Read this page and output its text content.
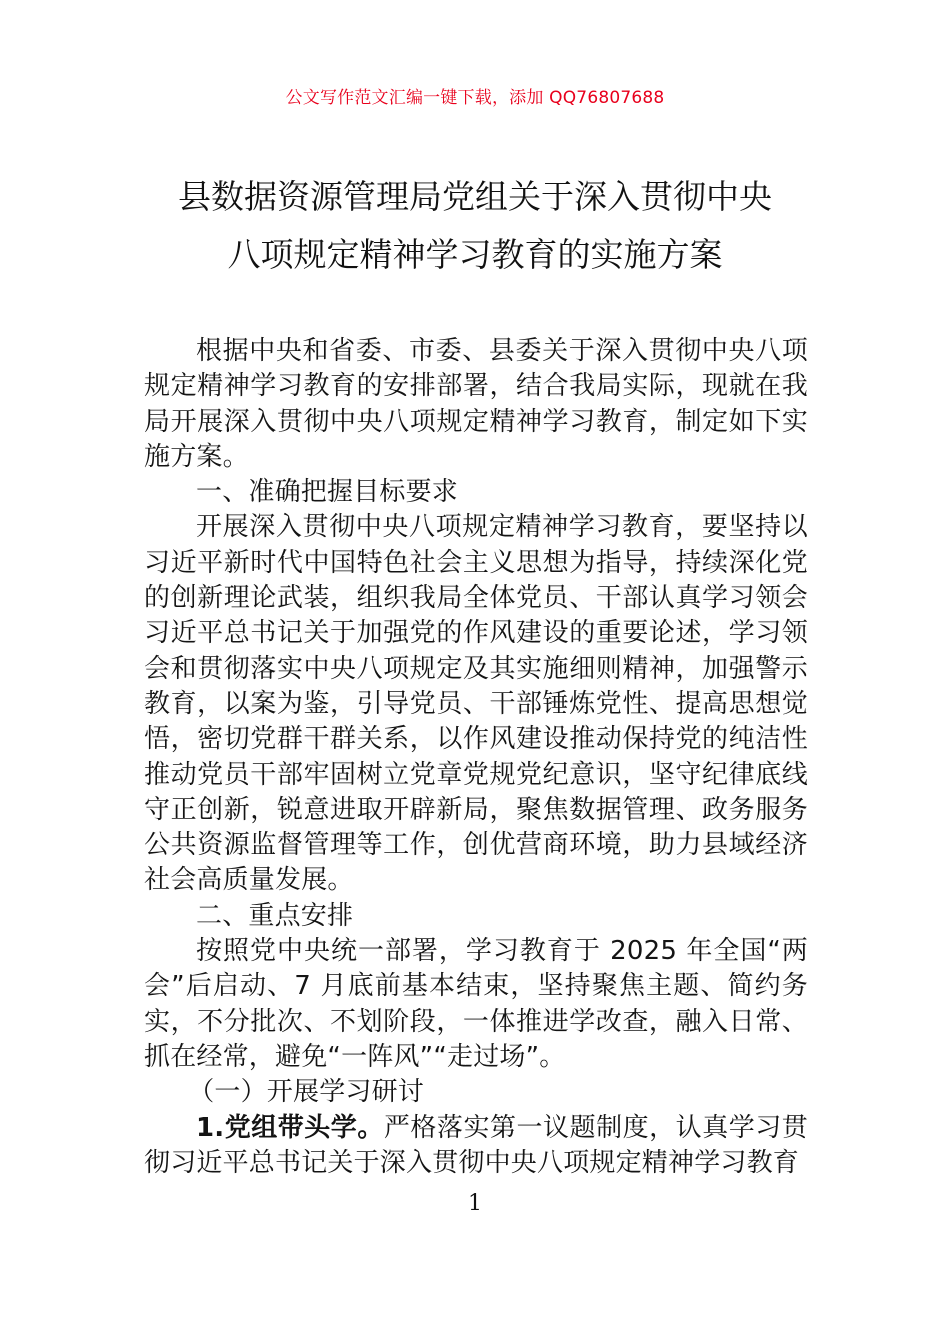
公文写作范文汇编一键下载，添加 QQ76807688
县数据资源管理局党组关于深入贯彻中央
八项规定精神学习教育的实施方案

根据中央和省委、市委、县委关于深入贯彻中央八项规定精神学习教育的安排部署，结合我局实际，现就在我局开展深入贯彻中央八项规定精神学习教育，制定如下实施方案。

一、准确把握目标要求

开展深入贯彻中央八项规定精神学习教育，要坚持以习近平新时代中国特色社会主义思想为指导，持续深化党的创新理论武装，组织我局全体党员、干部认真学习领会习近平总书记关于加强党的作风建设的重要论述，学习领会和贯彻落实中央八项规定及其实施细则精神，加强警示教育，以案为鉴，引导党员、干部锤炼党性、提高思想觉悟，密切党群干群关系，以作风建设推动保持党的纯洁性推动党员干部牢固树立党章党规党纪意识，坚守纪律底线守正创新，锐意进取开辟新局，聚焦数据管理、政务服务公共资源监督管理等工作，创优营商环境，助力县域经济社会高质量发展。

二、重点安排

按照党中央统一部署，学习教育于 2025 年全国“两会”后启动、7 月底前基本结束，坚持聚焦主题、简约务实，不分批次、不划阶段，一体推进学改查，融入日常、抓在经常，避免“一阵风”“走过场”。

（一）开展学习研讨

1.党组带头学。严格落实第一议题制度，认真学习贯彻习近平总书记关于深入贯彻中央八项规定精神学习教育

1
